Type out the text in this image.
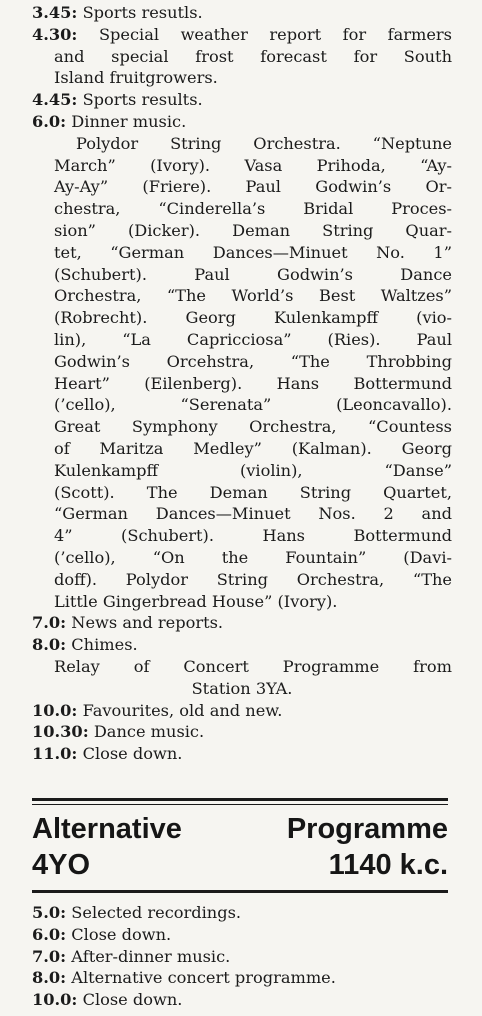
3.45: Sports resutls.
4.30: Special weather report for farmers
and special frost forecast for South
Island fruitgrowers.
4.45: Sports results.
6.0: Dinner music.
Polydor String Orchestra. “Neptune
March” (Ivory). Vasa Prihoda, “Ay-
Ay-Ay” (Friere). Paul Godwin’s Or-
chestra, “Cinderella’s Bridal Proces-
sion” (Dicker). Deman String Quar-
tet, “German Dances—Minuet No. 1”
(Schubert). Paul Godwin’s Dance
Orchestra, “The World’s Best Waltzes”
(Robrecht). Georg Kulenkampff (vio-
lin), “La Capricciosa” (Ries). Paul
Godwin’s Orcehstra, “The Throbbing
Heart” (Eilenberg). Hans Bottermund
(’cello), “Serenata” (Leoncavallo).
Great Symphony Orchestra, “Countess
of Maritza Medley” (Kalman). Georg
Kulenkampff (violin), “Danse”
(Scott). The Deman String Quartet,
“German Dances—Minuet Nos. 2 and
4” (Schubert). Hans Bottermund
(’cello), “On the Fountain” (Davi-
doff). Polydor String Orchestra, “The
Little Gingerbread House” (Ivory).
7.0: News and reports.
8.0: Chimes.
Relay of Concert Programme from
Station 3YA.
10.0: Favourites, old and new.
10.30: Dance music.
11.0: Close down.
Alternative
4YO
Programme
1140 k.c.
5.0: Selected recordings.
6.0: Close down.
7.0: After-dinner music.
8.0: Alternative concert programme.
10.0: Close down.
